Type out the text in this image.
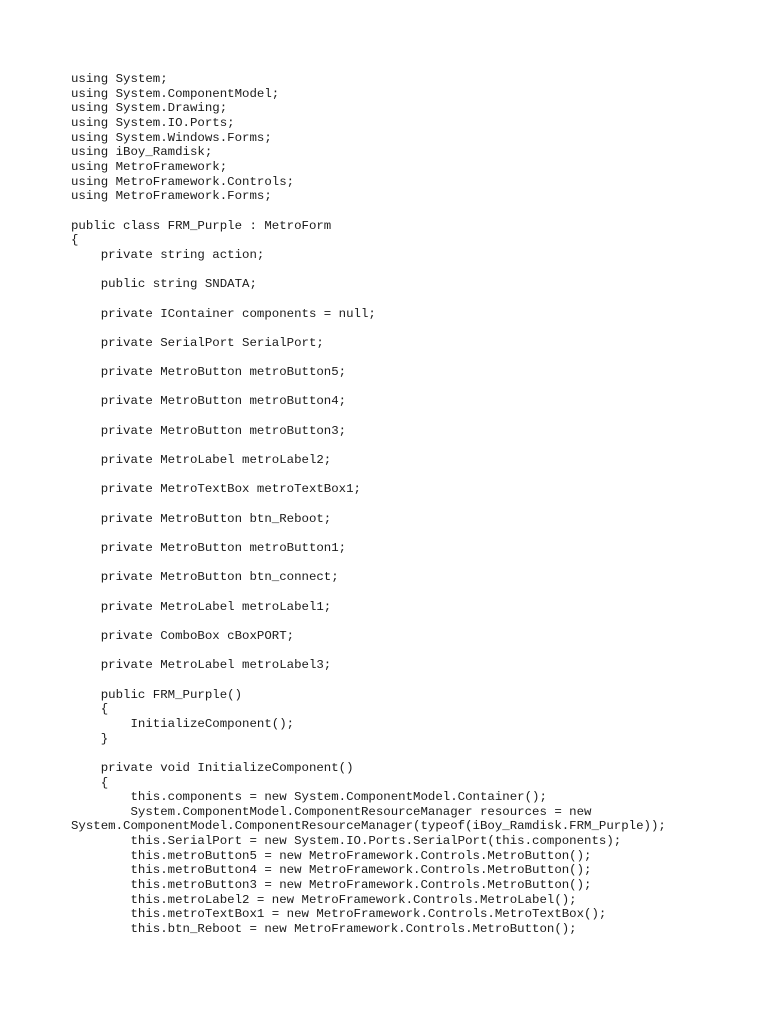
using System;
using System.ComponentModel;
using System.Drawing;
using System.IO.Ports;
using System.Windows.Forms;
using iBoy_Ramdisk;
using MetroFramework;
using MetroFramework.Controls;
using MetroFramework.Forms;
public class FRM_Purple : MetroForm
{
private string action;
public string SNDATA;
private IContainer components = null;
private SerialPort SerialPort;
private MetroButton metroButton5;
private MetroButton metroButton4;
private MetroButton metroButton3;
private MetroLabel metroLabel2;
private MetroTextBox metroTextBox1;
private MetroButton btn_Reboot;
private MetroButton metroButton1;
private MetroButton btn_connect;
private MetroLabel metroLabel1;
private ComboBox cBoxPORT;
private MetroLabel metroLabel3;
public FRM_Purple()
{
InitializeComponent();
}
private void InitializeComponent()
{
this.components = new System.ComponentModel.Container();
System.ComponentModel.ComponentResourceManager resources = new
System.ComponentModel.ComponentResourceManager(typeof(iBoy_Ramdisk.FRM_Purple));
this.SerialPort = new System.IO.Ports.SerialPort(this.components);
this.metroButton5 = new MetroFramework.Controls.MetroButton();
this.metroButton4 = new MetroFramework.Controls.MetroButton();
this.metroButton3 = new MetroFramework.Controls.MetroButton();
this.metroLabel2 = new MetroFramework.Controls.MetroLabel();
this.metroTextBox1 = new MetroFramework.Controls.MetroTextBox();
this.btn_Reboot = new MetroFramework.Controls.MetroButton();
